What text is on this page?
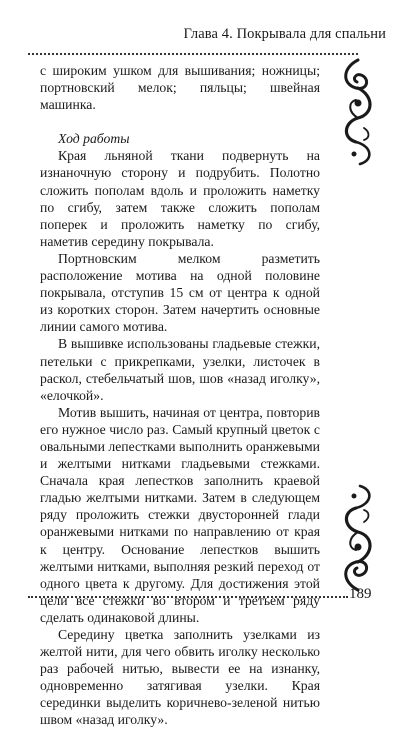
Глава 4. Покрывала для спальни

с широким ушком для вышивания; ножницы; портновский мелок; пяльцы; швейная машинка.

Ход работы

Края льняной ткани подвернуть на изнаночную сторону и подрубить. Полотно сложить пополам вдоль и проложить наметку по сгибу, затем также сложить пополам поперек и проложить наметку по сгибу, наметив середину покрывала.

Портновским мелком разметить расположение мотива на одной половине покрывала, отступив 15 см от центра к одной из коротких сторон. Затем начертить основные линии самого мотива.

В вышивке использованы гладьевые стежки, петельки с прикрепками, узелки, листочек в раскол, стебельчатый шов, шов «назад иголку», «елочкой».

Мотив вышить, начиная от центра, повторив его нужное число раз. Самый крупный цветок с овальными лепестками выполнить оранжевыми и желтыми нитками гладьевыми стежками. Сначала края лепестков заполнить краевой гладью желтыми нитками. Затем в следующем ряду проложить стежки двусторонней глади оранжевыми нитками по направлению от края к центру. Основание лепестков вышить желтыми нитками, выполняя резкий переход от одного цвета к другому. Для достижения этой цели все стежки во втором и третьем ряду сделать одинаковой длины.

Середину цветка заполнить узелками из желтой нити, для чего обвить иголку несколько раз рабочей нитью, вывести ее на изнанку, одновременно затягивая узелки. Края серединки выделить коричнево-зеленой нитью швом «назад иголку».

189
